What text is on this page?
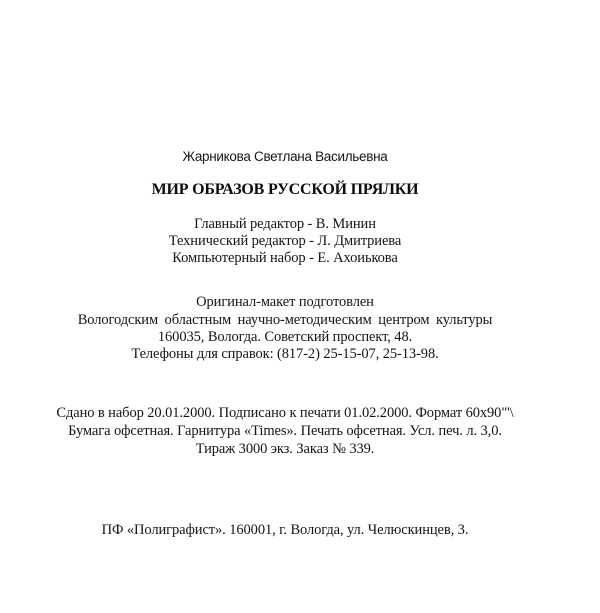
Жарникова Светлана Васильевна
МИР ОБРАЗОВ РУССКОЙ ПРЯЛКИ
Главный редактор - В. Минин
Технический редактор - Л. Дмитриева
Компьютерный набор - Е. Ахоиькова
Оригинал-макет подготовлен
Вологодским областным научно-методическим центром культуры
160035, Вологда. Советский проспект, 48.
Телефоны для справок: (817-2) 25-15-07, 25-13-98.
Сдано в набор 20.01.2000. Подписано к печати 01.02.2000. Формат 60x90"'\
Бумага офсетная. Гарнитура «Times». Печать офсетная. Усл. печ. л. 3,0.
Тираж 3000 экз. Заказ № 339.
ПФ «Полиграфист». 160001, г. Вологда, ул. Челюскинцев, 3.
